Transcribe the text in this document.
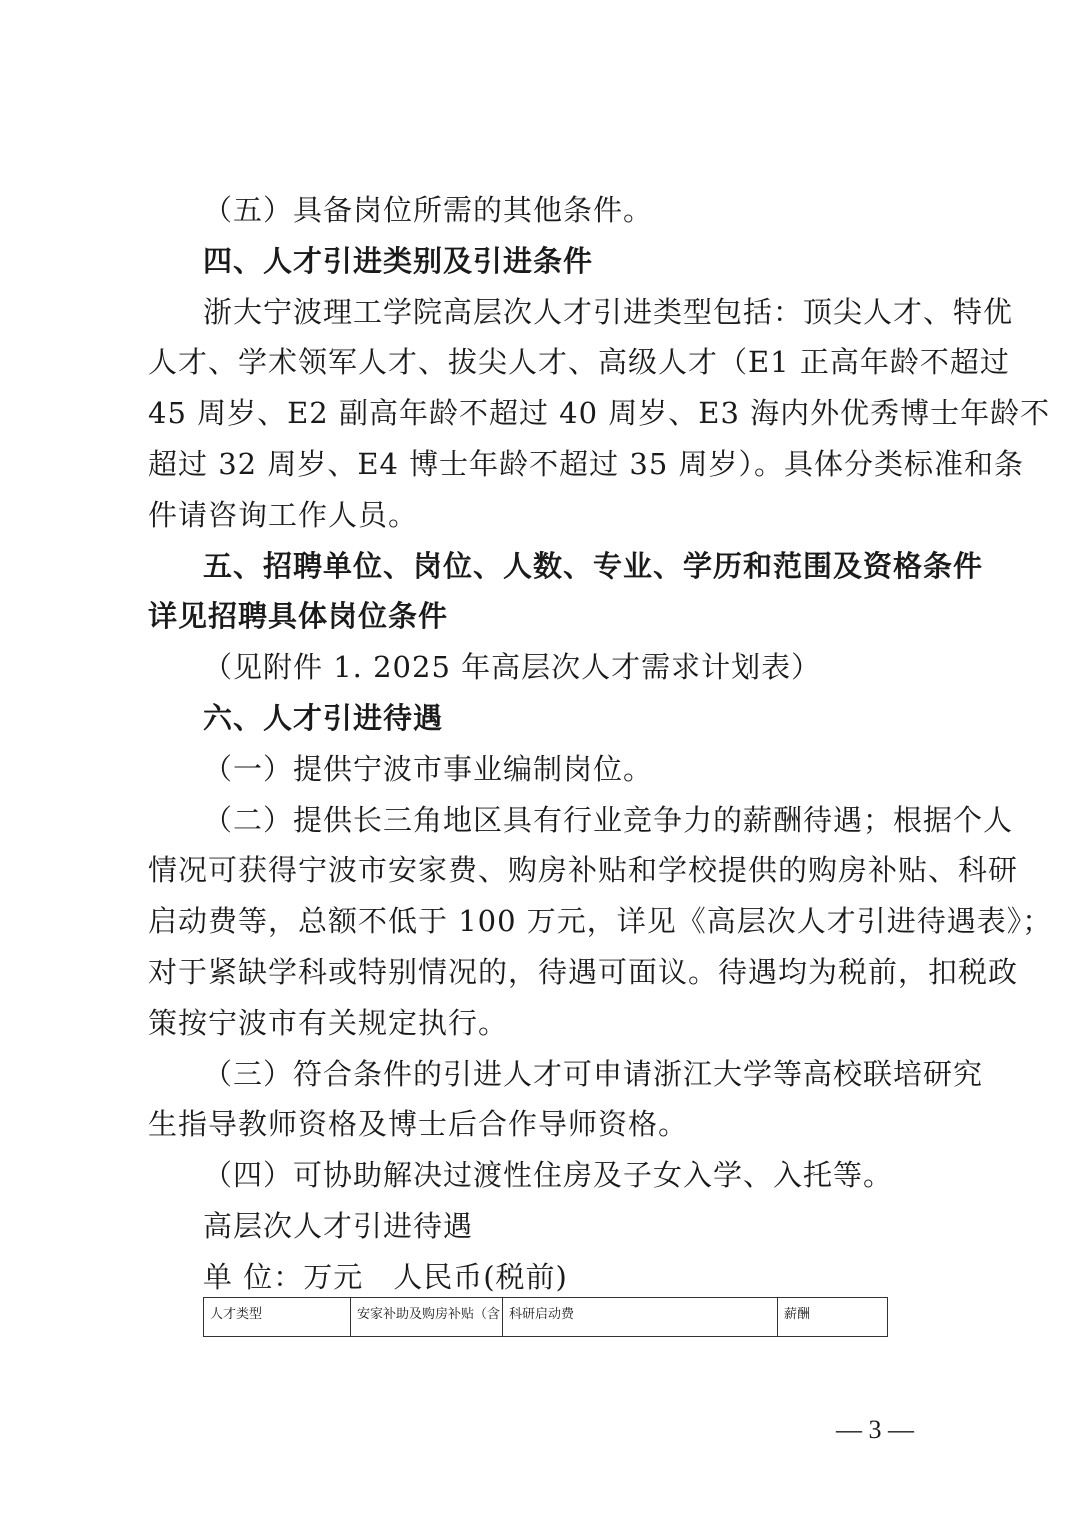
（五）具备岗位所需的其他条件。
四、人才引进类别及引进条件
浙大宁波理工学院高层次人才引进类型包括：顶尖人才、特优
人才、学术领军人才、拔尖人才、高级人才（E1 正高年龄不超过
45 周岁、E2 副高年龄不超过 40 周岁、E3 海内外优秀博士年龄不
超过 32 周岁、E4 博士年龄不超过 35 周岁）。具体分类标准和条
件请咨询工作人员。
五、招聘单位、岗位、人数、专业、学历和范围及资格条件
详见招聘具体岗位条件
（见附件 1. 2025 年高层次人才需求计划表）
六、人才引进待遇
（一）提供宁波市事业编制岗位。
（二）提供长三角地区具有行业竞争力的薪酬待遇；根据个人
情况可获得宁波市安家费、购房补贴和学校提供的购房补贴、科研
启动费等，总额不低于 100 万元，详见《高层次人才引进待遇表》；
对于紧缺学科或特别情况的，待遇可面议。待遇均为税前，扣税政
策按宁波市有关规定执行。
（三）符合条件的引进人才可申请浙江大学等高校联培研究
生指导教师资格及博士后合作导师资格。
（四）可协助解决过渡性住房及子女入学、入托等。
高层次人才引进待遇
单 位：万元　人民币(税前)
人才类型	安家补助及购房补贴（含	科研启动费	薪酬
— 3 —
